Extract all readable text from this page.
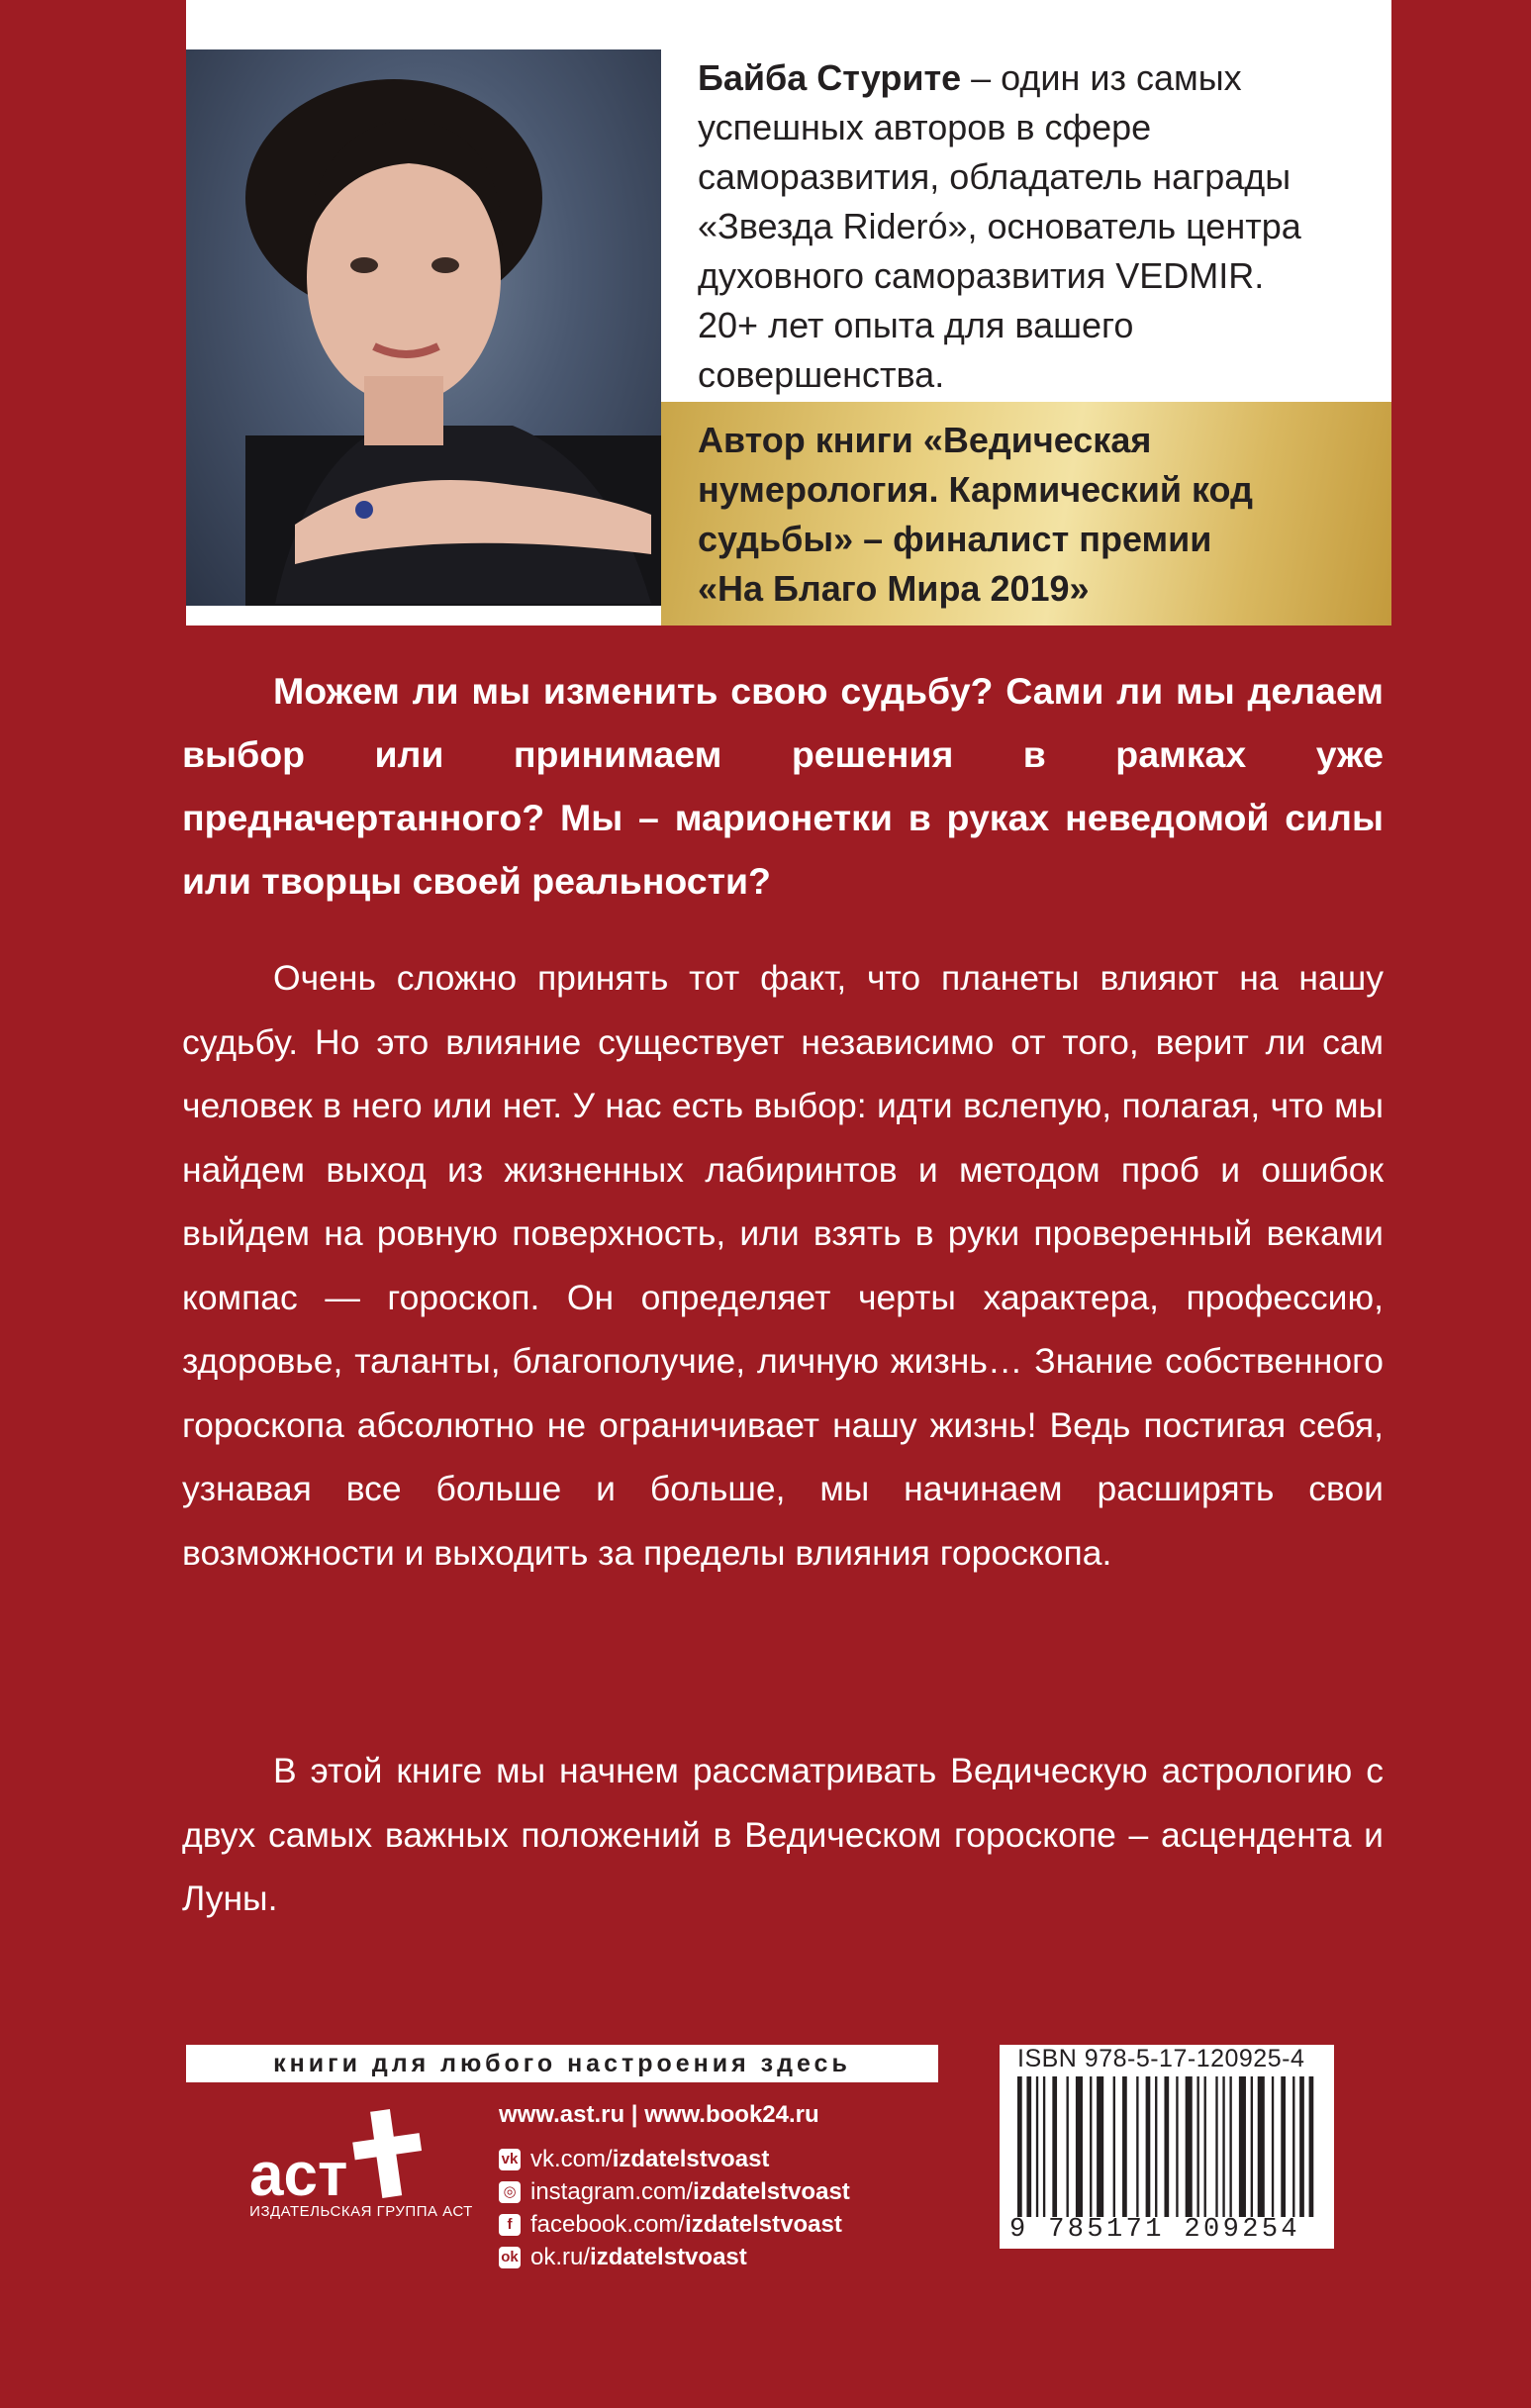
Байба Стурите – один из самых
успешных авторов в сфере
саморазвития, обладатель награды
«Звезда Rideró», основатель центра
духовного саморазвития VEDMIR.
20+ лет опыта для вашего
совершенства.
Автор книги «Ведическая
нумерология. Кармический код
судьбы» – финалист премии
«На Благо Мира 2019»

Можем ли мы изменить свою судьбу? Сами ли мы делаем выбор или принимаем решения в рамках уже предначертанного? Мы – марионетки в руках неведомой силы или творцы своей реальности?

Очень сложно принять тот факт, что планеты влияют на нашу судьбу. Но это влияние существует независимо от того, верит ли сам человек в него или нет. У нас есть выбор: идти вслепую, полагая, что мы найдем выход из жизненных лабиринтов и методом проб и ошибок выйдем на ровную поверхность, или взять в руки проверенный веками компас — гороскоп. Он определяет черты характера, профессию, здоровье, таланты, благополучие, личную жизнь… Знание собственного гороскопа абсолютно не ограничивает нашу жизнь! Ведь постигая себя, узнавая все больше и больше, мы начинаем расширять свои возможности и выходить за пределы влияния гороскопа.

В этой книге мы начнем рассматривать Ведическую астрологию с двух самых важных положений в Ведическом гороскопе – асцендента и Луны.

книги для любого настроения здесь
аст
ИЗДАТЕЛЬСКАЯ ГРУППА АСТ
www.ast.ru | www.book24.ru
vk vk.com/ izdatelstvoast
◎ instagram.com/ izdatelstvoast
f facebook.com/ izdatelstvoast
ok ok.ru/ izdatelstvoast
ISBN 978-5-17-120925-4
9 785171 209254
